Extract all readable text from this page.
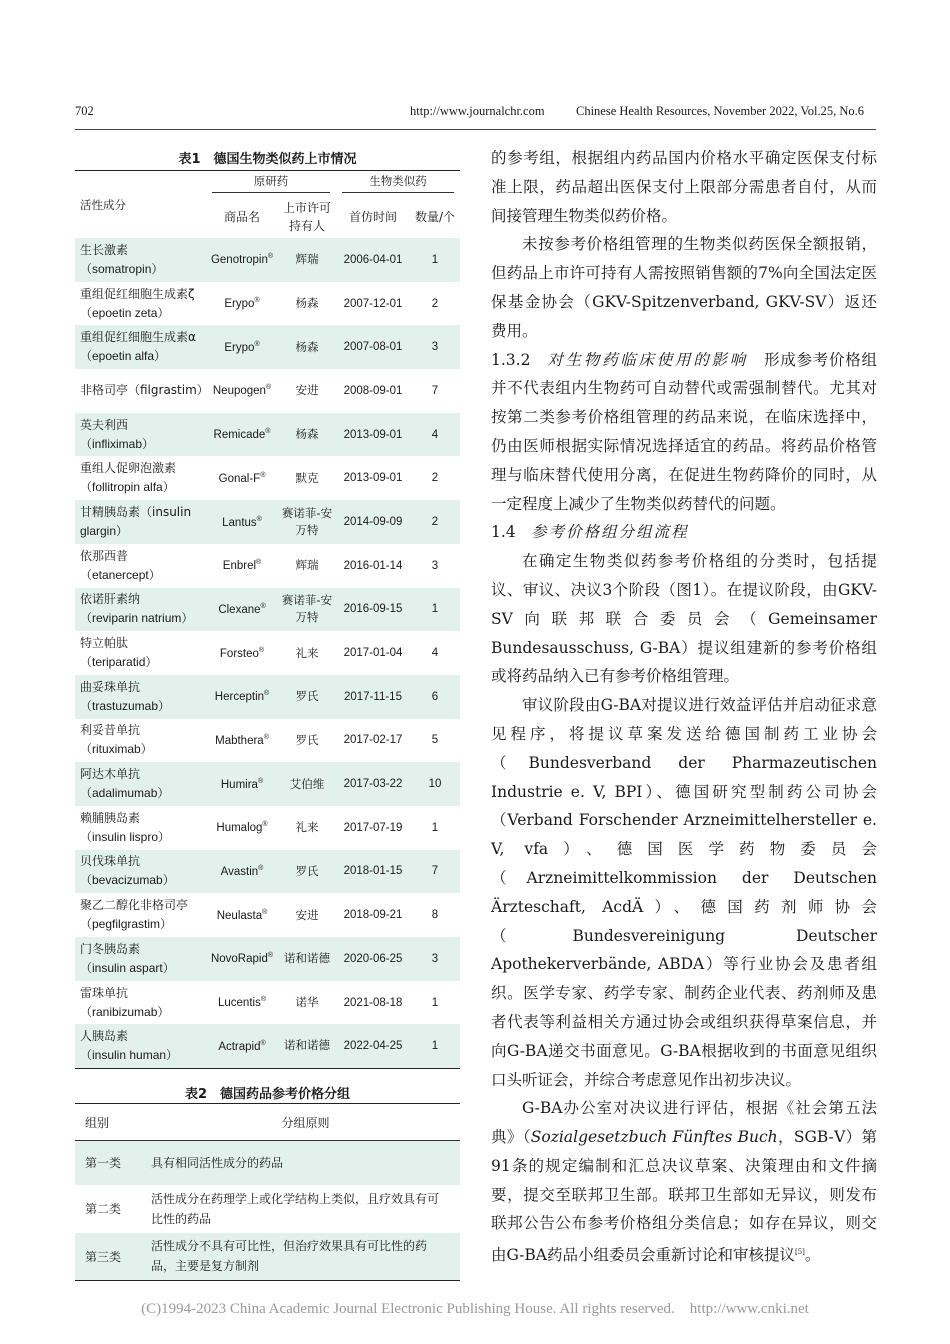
702	http://www.journalchr.com	Chinese Health Resources, November 2022, Vol.25, No.6
表1　德国生物类似药上市情况
活性成分	原研药		生物类似药	

	商品名	上市许可持有人	首仿时间	数量/个

生长激素
（somatropin）	Genotropin®	辉瑞	2006-04-01	1

重组促红细胞生成素ζ
（epoetin zeta）	Erypo®	杨森	2007-12-01	2

重组促红细胞生成素α
（epoetin alfa）	Erypo®	杨森	2007-08-01	3

非格司亭（filgrastim）	Neupogen®	安进	2008-09-01	7

英夫利西
（infliximab）	Remicade®	杨森	2013-09-01	4

重组人促卵泡激素
（follitropin alfa）	Gonal-F®	默克	2013-09-01	2

甘精胰岛素（insulin
glargin）	Lantus®	赛诺菲-安万特	2014-09-09	2

依那西普
（etanercept）	Enbrel®	辉瑞	2016-01-14	3

依诺肝素纳
（reviparin natrium）	Clexane®	赛诺菲-安万特	2016-09-15	1

特立帕肽
（teriparatid）	Forsteo®	礼来	2017-01-04	4

曲妥珠单抗
（trastuzumab）	Herceptin®	罗氏	2017-11-15	6

利妥昔单抗
（rituximab）	Mabthera®	罗氏	2017-02-17	5

阿达木单抗
（adalimumab）	Humira®	艾伯维	2017-03-22	10

赖脯胰岛素
（insulin lispro）	Humalog®	礼来	2017-07-19	1

贝伐珠单抗
（bevacizumab）	Avastin®	罗氏	2018-01-15	7

聚乙二醇化非格司亭
（pegfilgrastim）	Neulasta®	安进	2018-09-21	8

门冬胰岛素
（insulin aspart）	NovoRapid®	诺和诺德	2020-06-25	3

雷珠单抗
（ranibizumab）	Lucentis®	诺华	2021-08-18	1

人胰岛素
（insulin human）	Actrapid®	诺和诺德	2022-04-25	1
表2　德国药品参考价格分组
组别	分组原则
第一类	具有相同活性成分的药品
第二类	活性成分在药理学上或化学结构上类似，且疗效具有可比性的药品
第三类	活性成分不具有可比性，但治疗效果具有可比性的药品，主要是复方制剂

的参考组，根据组内药品国内价格水平确定医保支付标准上限，药品超出医保支付上限部分需患者自付，从而间接管理生物类似药价格。

未按参考价格组管理的生物类似药医保全额报销，但药品上市许可持有人需按照销售额的7%向全国法定医保基金协会（GKV-Spitzenverband, GKV-SV）返还费用。

1.3.2　 对生物药临床使用的影响　 形成参考价格组并不代表组内生物药可自动替代或需强制替代。尤其对按第二类参考价格组管理的药品来说，在临床选择中，仍由医师根据实际情况选择适宜的药品。将药品价格管理与临床替代使用分离，在促进生物药降价的同时，从一定程度上减少了生物类似药替代的问题。

1.4　 参考价格组分组流程

在确定生物类似药参考价格组的分类时，包括提议、审议、决议3个阶段（图1）。在提议阶段，由GKV-SV向联邦联合委员会（Gemeinsamer Bundesausschuss, G-BA）提议组建新的参考价格组或将药品纳入已有参考价格组管理。

审议阶段由G-BA对提议进行效益评估并启动征求意见程序，将提议草案发送给德国制药工业协会（Bundesverband der Pharmazeutischen Industrie e. V, BPI）、德国研究型制药公司协会（Verband Forschender Arzneimittelhersteller e. V, vfa）、德国医学药物委员会（Arzneimittelkommission der Deutschen Ärzteschaft, AcdÄ）、德国药剂师协会（Bundesvereinigung Deutscher Apothekerverbände, ABDA）等行业协会及患者组织。医学专家、药学专家、制药企业代表、药剂师及患者代表等利益相关方通过协会或组织获得草案信息，并向G-BA递交书面意见。G-BA根据收到的书面意见组织口头听证会，并综合考虑意见作出初步决议。

G-BA办公室对决议进行评估，根据《社会第五法典》（Sozialgesetzbuch Fünftes Buch，SGB-Ⅴ）第91条的规定编制和汇总决议草案、决策理由和文件摘要，提交至联邦卫生部。联邦卫生部如无异议，则发布联邦公告公布参考价格组分类信息；如存在异议，则交由G-BA药品小组委员会重新讨论和审核提议[5]。

(C)1994-2023 China Academic Journal Electronic Publishing House. All rights reserved.　http://www.cnki.net
